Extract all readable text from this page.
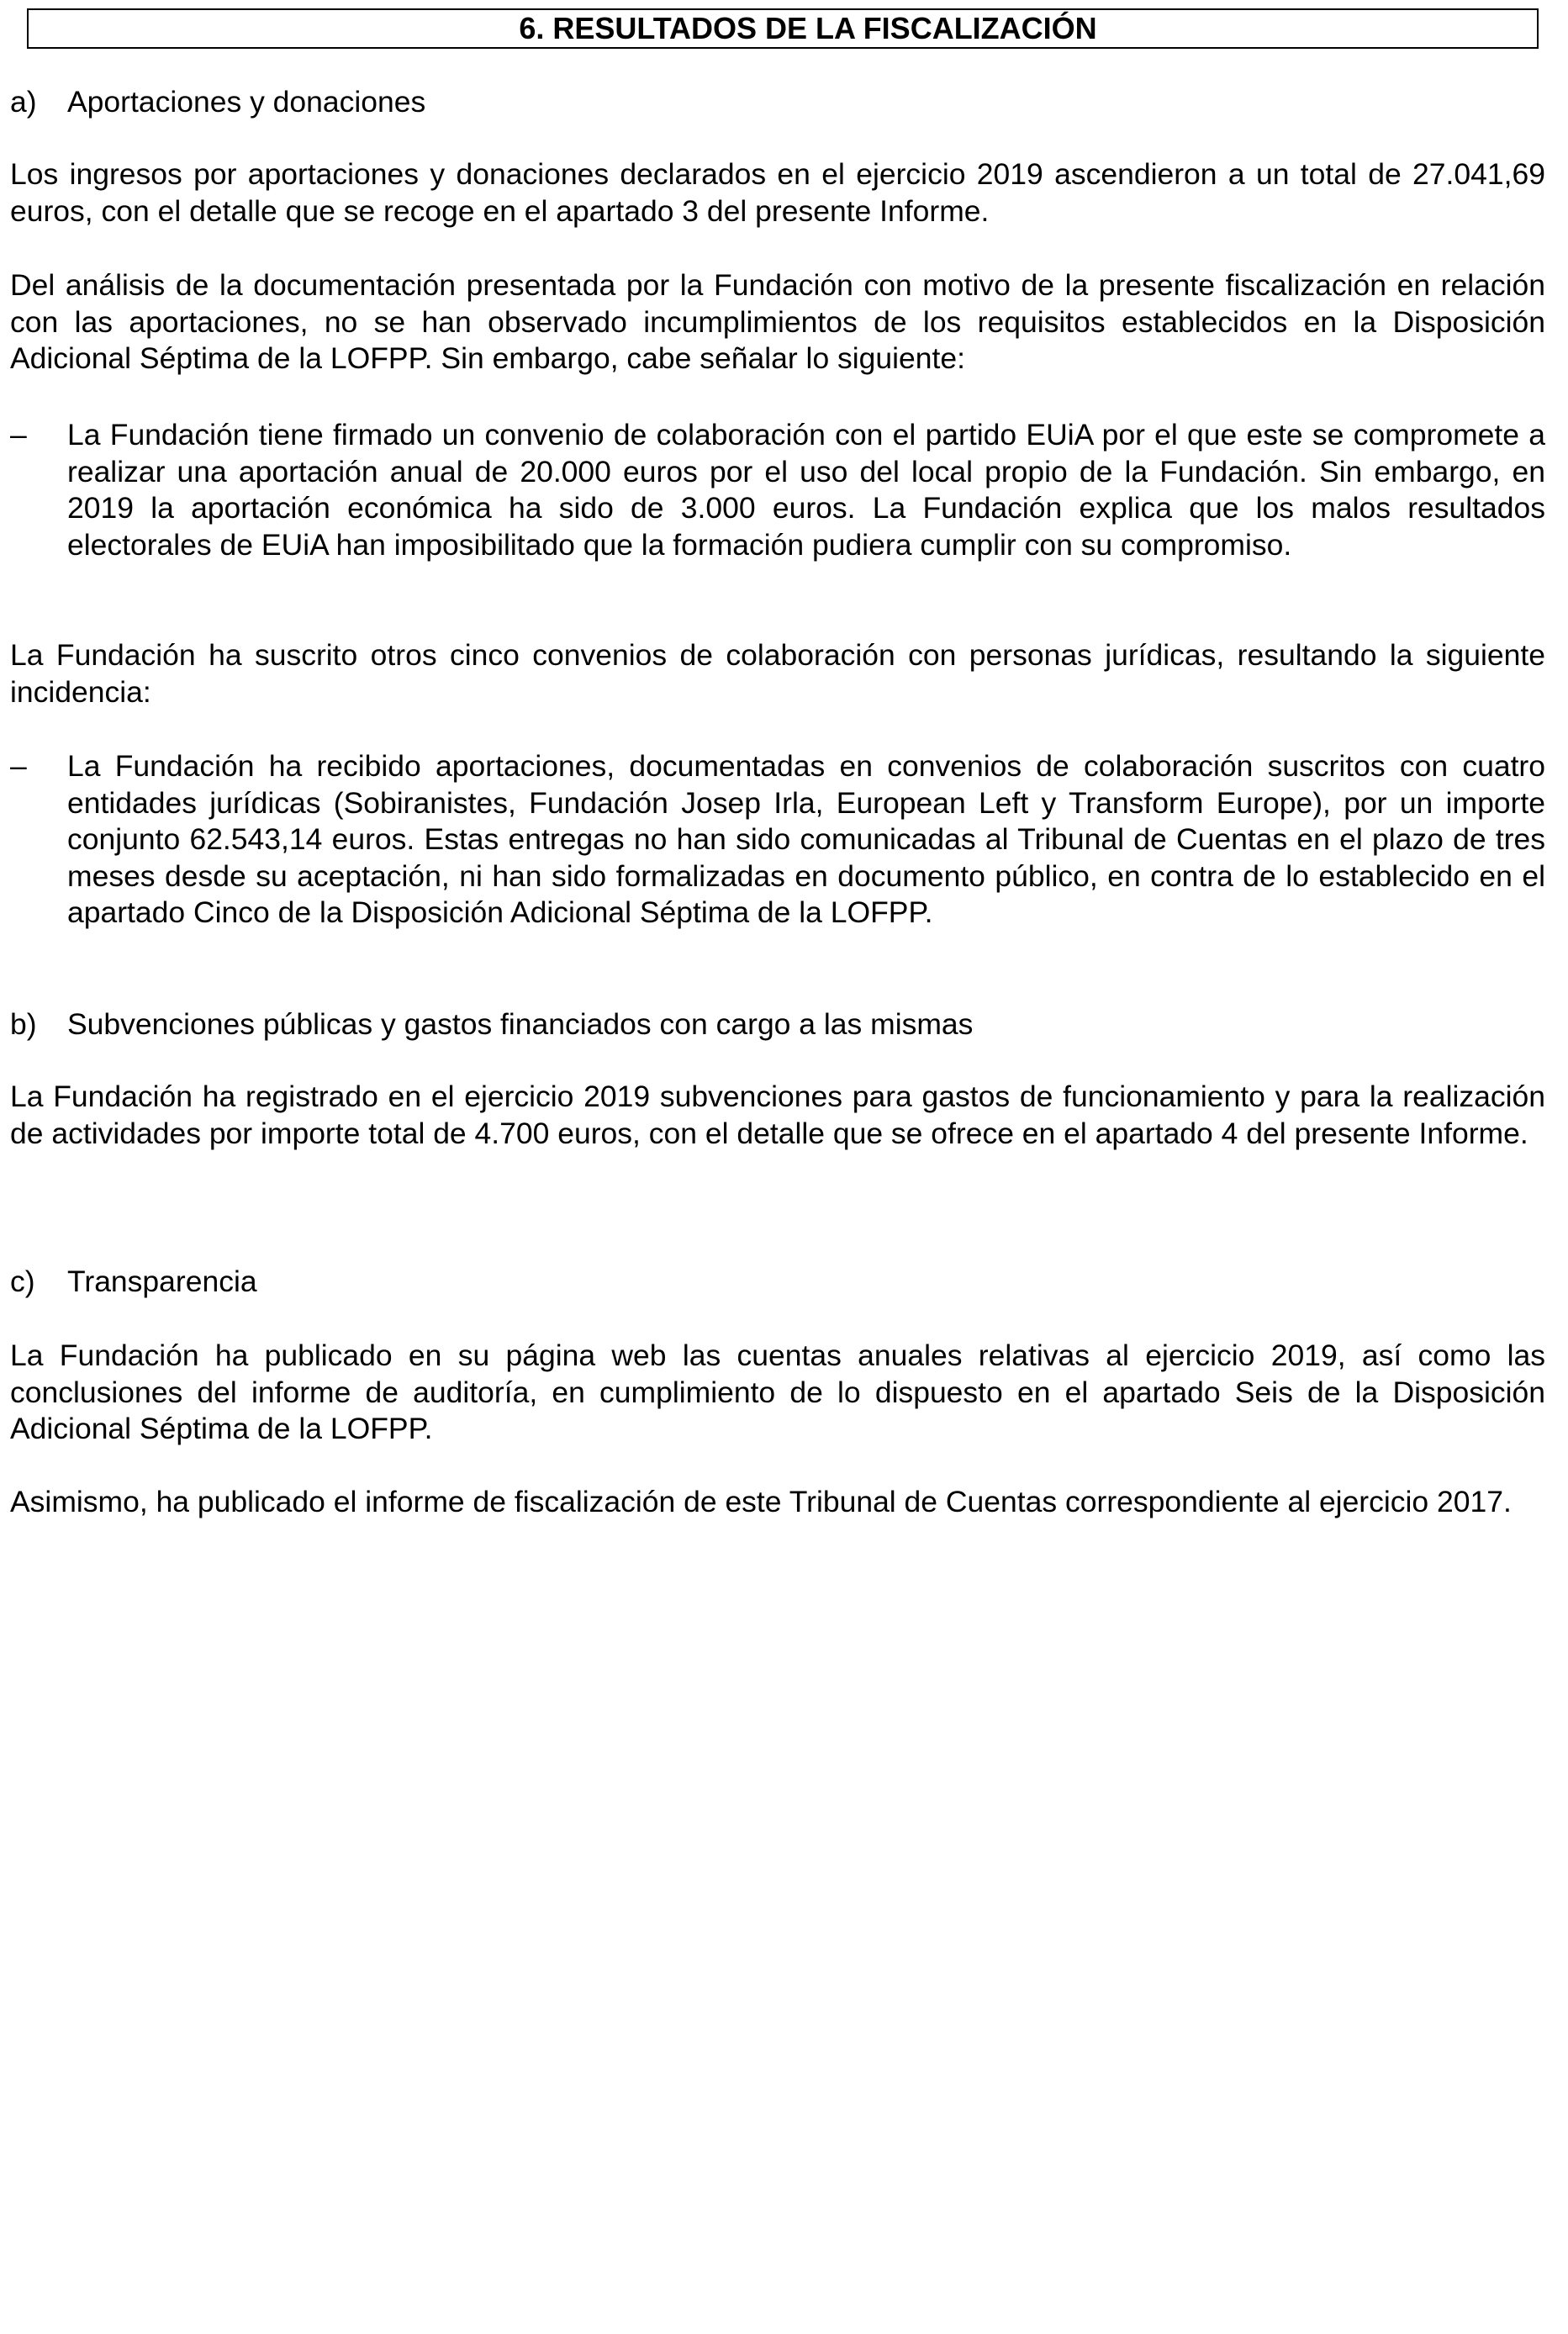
6. RESULTADOS DE LA FISCALIZACIÓN
a) Aportaciones y donaciones

Los ingresos por aportaciones y donaciones declarados en el ejercicio 2019 ascendieron a un total de 27.041,69 euros, con el detalle que se recoge en el apartado 3 del presente Informe.

Del análisis de la documentación presentada por la Fundación con motivo de la presente fiscalización en relación con las aportaciones, no se han observado incumplimientos de los requisitos establecidos en la Disposición Adicional Séptima de la LOFPP. Sin embargo, cabe señalar lo siguiente:

– La Fundación tiene firmado un convenio de colaboración con el partido EUiA por el que este se compromete a realizar una aportación anual de 20.000 euros por el uso del local propio de la Fundación. Sin embargo, en 2019 la aportación económica ha sido de 3.000 euros. La Fundación explica que los malos resultados electorales de EUiA han imposibilitado que la formación pudiera cumplir con su compromiso.

La Fundación ha suscrito otros cinco convenios de colaboración con personas jurídicas, resultando la siguiente incidencia:

– La Fundación ha recibido aportaciones, documentadas en convenios de colaboración suscritos con cuatro entidades jurídicas (Sobiranistes, Fundación Josep Irla, European Left y Transform Europe), por un importe conjunto 62.543,14 euros. Estas entregas no han sido comunicadas al Tribunal de Cuentas en el plazo de tres meses desde su aceptación, ni han sido formalizadas en documento público, en contra de lo establecido en el apartado Cinco de la Disposición Adicional Séptima de la LOFPP.

b) Subvenciones públicas y gastos financiados con cargo a las mismas

La Fundación ha registrado en el ejercicio 2019 subvenciones para gastos de funcionamiento y para la realización de actividades por importe total de 4.700 euros, con el detalle que se ofrece en el apartado 4 del presente Informe.

c) Transparencia

La Fundación ha publicado en su página web las cuentas anuales relativas al ejercicio 2019, así como las conclusiones del informe de auditoría, en cumplimiento de lo dispuesto en el apartado Seis de la Disposición Adicional Séptima de la LOFPP.

Asimismo, ha publicado el informe de fiscalización de este Tribunal de Cuentas correspondiente al ejercicio 2017.
